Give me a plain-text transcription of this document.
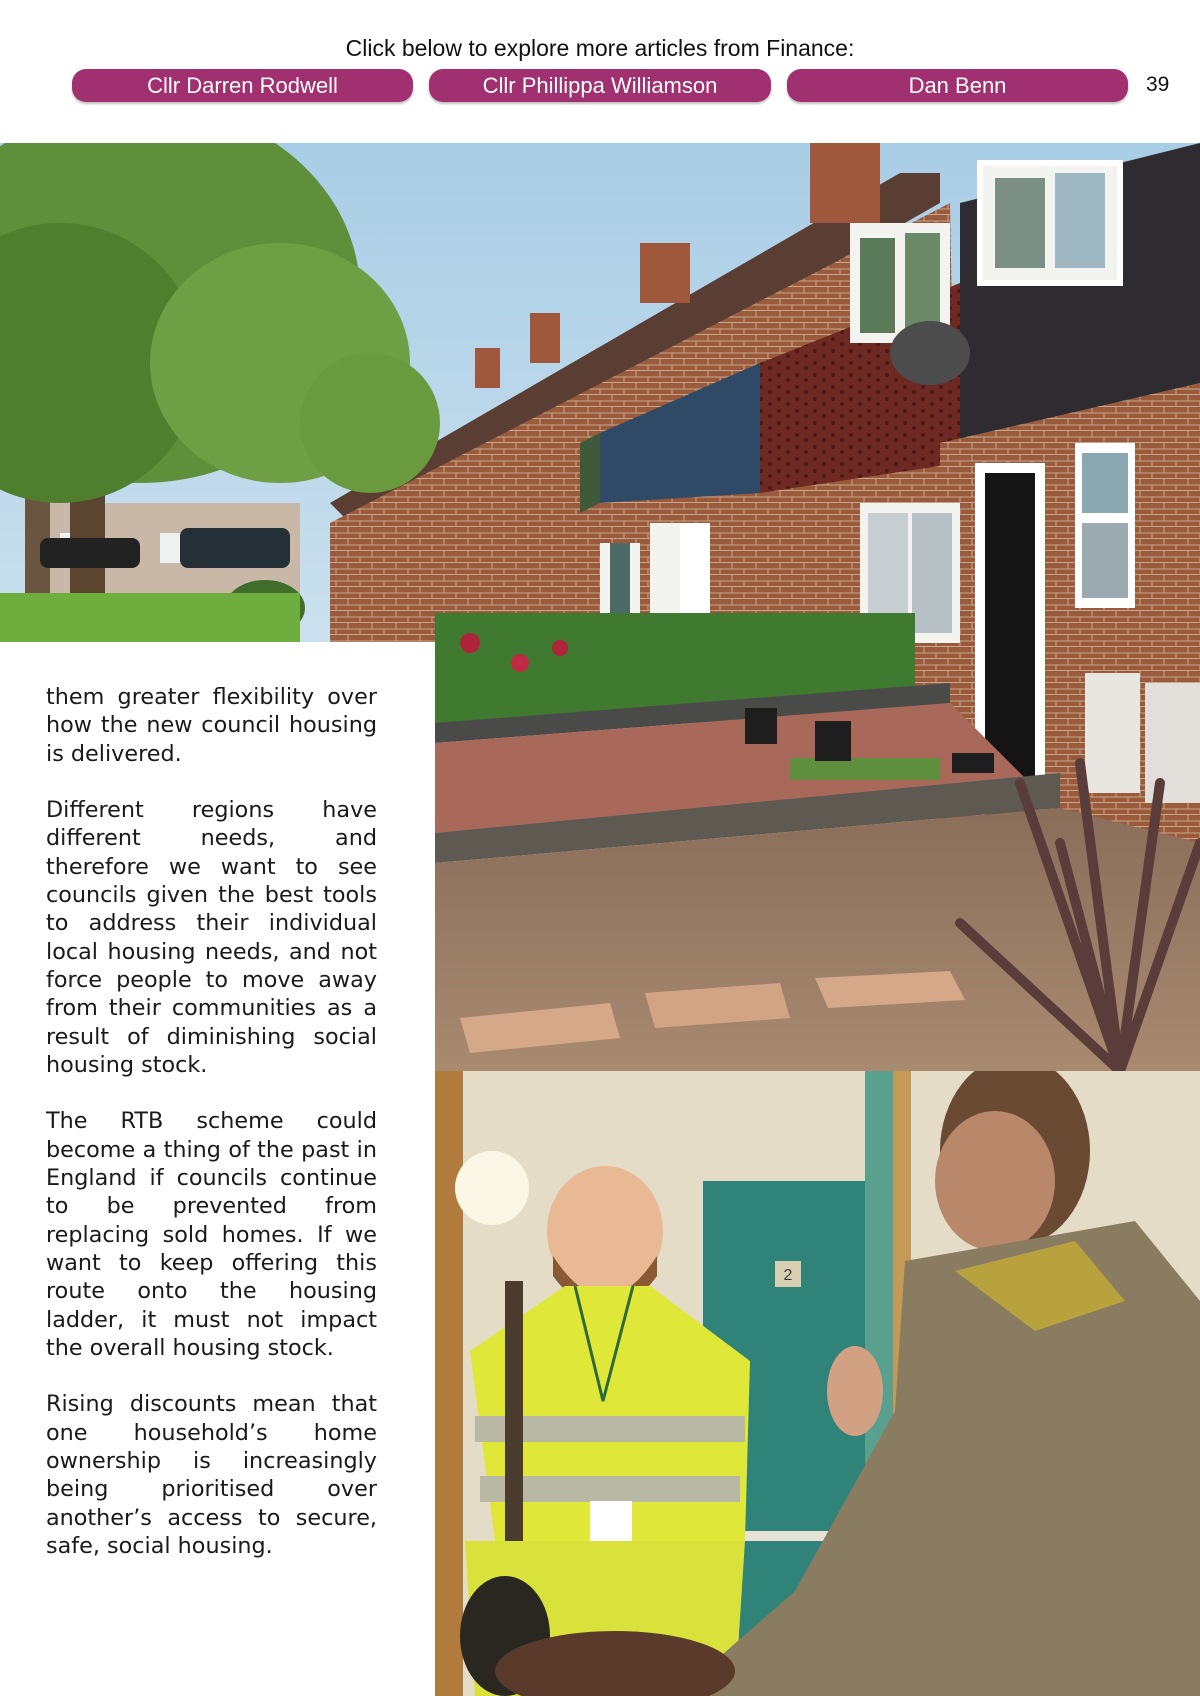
Click below to explore more articles from Finance:
Cllr Darren Rodwell	Cllr Phillippa Williamson	Dan Benn	39
2

them greater flexibility over how the new council housing is delivered.

Different regions have different needs, and therefore we want to see councils given the best tools to address their individual local housing needs, and not force people to move away from their communities as a result of diminishing social housing stock.

The RTB scheme could become a thing of the past in England if councils continue to be prevented from replacing sold homes. If we want to keep offering this route onto the housing ladder, it must not impact the overall housing stock.

Rising discounts mean that one household’s home ownership is increasingly being prioritised over another’s access to secure, safe, social housing.
